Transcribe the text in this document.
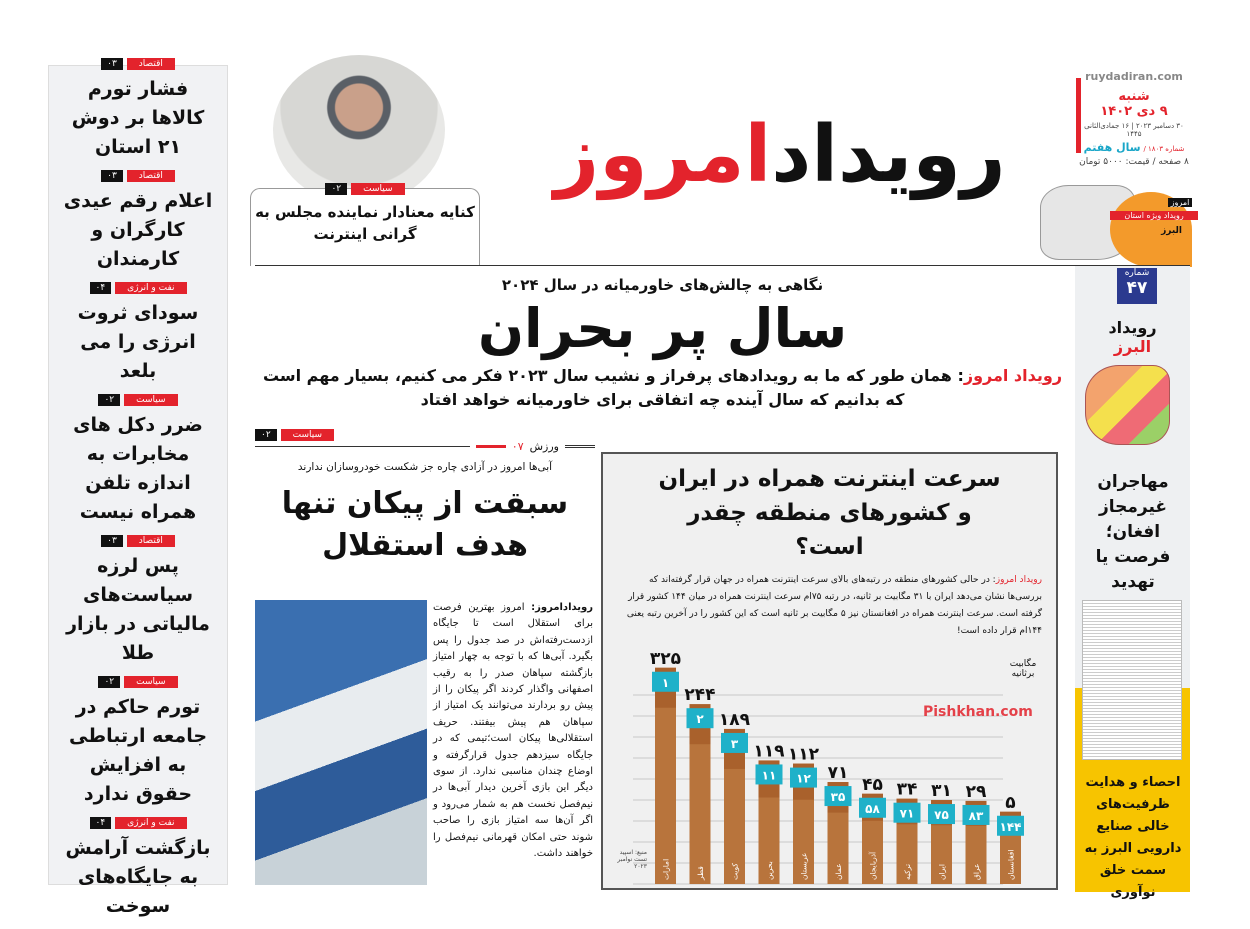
اقتصاد
۰۳
فشار تورم کالاها بر دوش ۲۱ استان
اقتصاد
۰۳
اعلام رقم عیدی کارگران و کارمندان
نفت و انرژی
۰۴
سودای ثروت انرژی را می بلعد
سیاست
۰۲
ضرر دکل های مخابرات به اندازه تلفن همراه نیست
اقتصاد
۰۳
پس لرزه سیاست‌های مالیاتی در بازار طلا
سیاست
۰۲
تورم حاکم در جامعه ارتباطی به افزایش حقوق ندارد
نفت و انرژی
۰۴
بازگشت آرامش به جایگاه‌های سوخت
رویدادامروز
سیاست
۰۲
کنایه معنادار نماینده مجلس به گرانی اینترنت
ruydadiran.com
شنبه
۹ دی ۱۴۰۲
۳۰ دسامبر ۲۰۲۳ | ۱۶ جمادی‌الثانی ۱۴۴۵
شماره ۱۸۰۳ / سال هفتم
۸ صفحه / قیمت: ۵۰۰۰ تومان
امروز
رویداد ویژه استان
البرز
شماره
۴۷
رویداد البرز
مهاجران غیرمجاز افغان؛ فرصت یا تهدید
احصاء و هدایت ظرفیت‌های خالی صنایع دارویی البرز به سمت خلق نوآوری
نگاهی به چالش‌های خاورمیانه در سال ۲۰۲۴
سال پر بحران

رویداد امروز: همان طور که ما به رویدادهای پرفراز و نشیب سال ۲۰۲۳ فکر می کنیم، بسیار مهم است که بدانیم که سال آینده چه اتفاقی برای خاورمیانه خواهد افتاد

سیاست
۰۲
ورزش
۰۷
آبی‌ها امروز در آزادی چاره جز شکست خودروسازان ندارند
سبقت از پیکان تنها هدف استقلال
رویدادامروز: امروز بهترین فرصت برای استقلال است تا جایگاه ازدست‌رفته‌اش در صد جدول را پس بگیرد. آبی‌ها که با توجه به چهار امتیاز بازگشته سپاهان صدر را به رقیب اصفهانی واگذار کردند اگر پیکان را از پیش رو بردارند می‌توانند یک امتیاز از سپاهان هم پیش بیفتند. حریف استقلالی‌ها پیکان است؛تیمی که در جایگاه سیزدهم جدول قرارگرفته و اوضاع چندان مناسبی ندارد. از سوی دیگر این بازی آخرین دیدار آبی‌ها در نیم‌فصل نخست هم به شمار می‌رود و اگر آن‌ها سه امتیاز بازی را صاحب شوند حتی امکان قهرمانی نیم‌فصل را خواهند داشت.
سرعت اینترنت همراه در ایران و کشورهای منطقه چقدر است؟

رویداد امروز: در حالی کشورهای منطقه در رتبه‌های بالای سرعت اینترنت همراه در جهان قرار گرفته‌اند که بررسی‌ها نشان می‌دهد ایران با ۳۱ مگابیت بر ثانیه، در رتبه ۷۵ام سرعت اینترنت همراه در میان ۱۴۴ کشور قرار گرفته است. سرعت اینترنت همراه در افغانستان نیز ۵ مگابیت بر ثانیه است که این کشور را در آخرین رتبه یعنی ۱۴۴ام قرار داده است!

۳۲۵
۱
امارات
۲۴۴
۲
قطر
۱۸۹
۳
کویت
۱۱۹
۱۱
بحرین
۱۱۲
۱۲
عربستان
۷۱
۳۵
عمان
۴۵
۵۸
آذربایجان
۳۴
۷۱
ترکیه
۳۱
۷۵
ایران
۲۹
۸۳
عراق
۵
۱۴۴
افغانستان
منبع: اسپید تست نوامبر ۲۰۲۳
مگابیت برثانیه
Pishkhan.com
